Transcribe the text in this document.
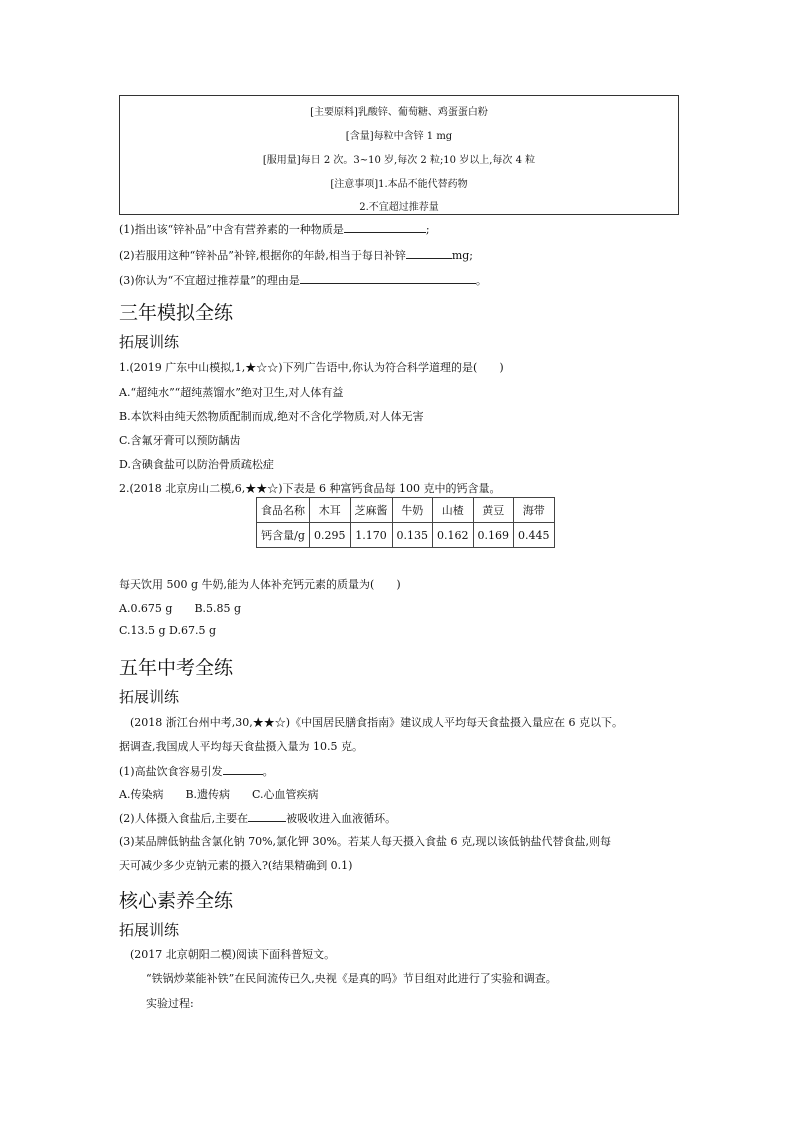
[主要原料]乳酸锌、葡萄糖、鸡蛋蛋白粉
[含量]每粒中含锌 1 mg
[服用量]每日 2 次。3~10 岁,每次 2 粒;10 岁以上,每次 4 粒
[注意事项]1.本品不能代替药物
2.不宜超过推荐量
(1)指出该“锌补品”中含有营养素的一种物质是	;
(2)若服用这种“锌补品”补锌,根据你的年龄,相当于每日补锌	mg;
(3)你认为“不宜超过推荐量”的理由是	。
三年模拟全练
拓展训练
1.(2019 广东中山模拟,1,★☆☆)下列广告语中,你认为符合科学道理的是(　　)
A.“超纯水”“超纯蒸馏水”绝对卫生,对人体有益
B.本饮料由纯天然物质配制而成,绝对不含化学物质,对人体无害
C.含氟牙膏可以预防龋齿
D.含碘食盐可以防治骨质疏松症
2.(2018 北京房山二模,6,★★☆)下表是 6 种富钙食品每 100 克中的钙含量。
食品名称	木耳	芝麻酱	牛奶	山楂	黄豆	海带
钙含量/g	0.295	1.170	0.135	0.162	0.169	0.445
每天饮用 500 g 牛奶,能为人体补充钙元素的质量为(　　)
A.0.675 g　　B.5.85 g
C.13.5 g D.67.5 g
五年中考全练
拓展训练
(2018 浙江台州中考,30,★★☆)《中国居民膳食指南》建议成人平均每天食盐摄入量应在 6 克以下。
据调查,我国成人平均每天食盐摄入量为 10.5 克。
(1)高盐饮食容易引发	。
A.传染病　　B.遗传病　　C.心血管疾病
(2)人体摄入食盐后,主要在	被吸收进入血液循环。
(3)某品牌低钠盐含氯化钠 70%,氯化钾 30%。若某人每天摄入食盐 6 克,现以该低钠盐代替食盐,则每
天可减少多少克钠元素的摄入?(结果精确到 0.1)
核心素养全练
拓展训练
(2017 北京朝阳二模)阅读下面科普短文。
“铁锅炒菜能补铁”在民间流传已久,央视《是真的吗》节目组对此进行了实验和调查。
实验过程:
